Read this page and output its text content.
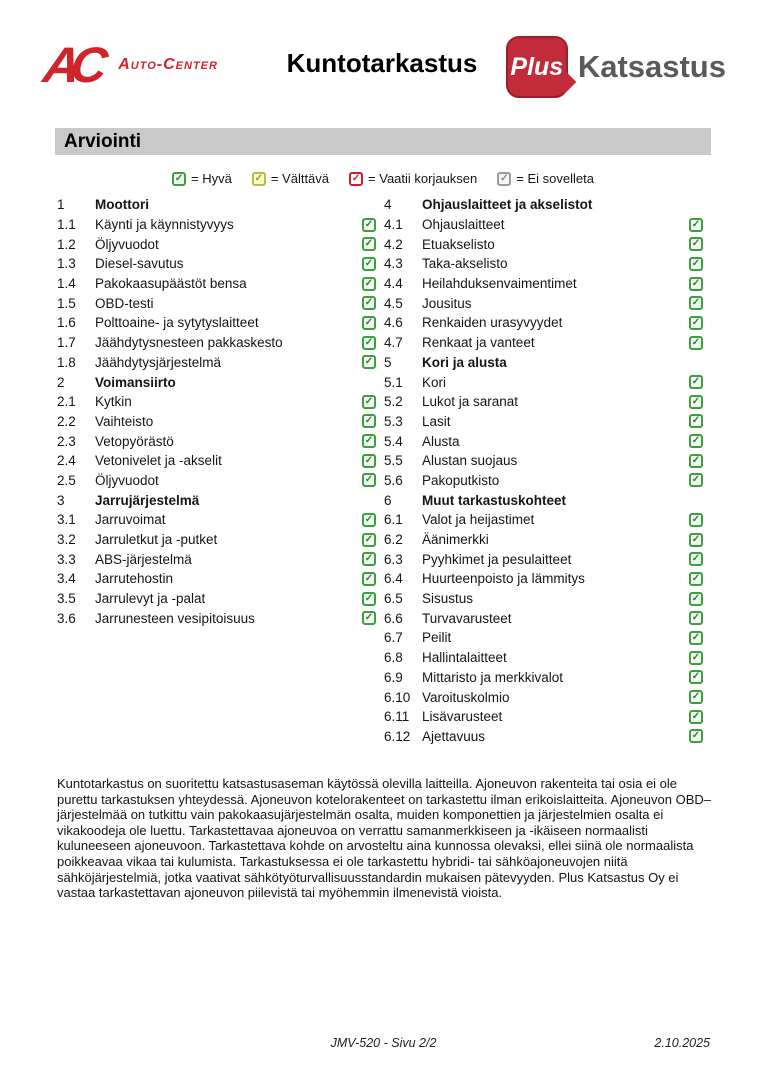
AC	Auto-Center	Kuntotarkastus	Plus Katsastus
Arviointi
✓ = Hyvä ✓ = Välttävä ✓ = Vaatii korjauksen ✓ = Ei sovelleta
1	Moottori
1.1	Käynti ja käynnistyvyys	✓
1.2	Öljyvuodot	✓
1.3	Diesel-savutus	✓
1.4	Pakokaasupäästöt bensa	✓
1.5	OBD-testi	✓
1.6	Polttoaine- ja sytytyslaitteet	✓
1.7	Jäähdytysnesteen pakkaskesto	✓
1.8	Jäähdytysjärjestelmä	✓
2	Voimansiirto
2.1	Kytkin	✓
2.2	Vaihteisto	✓
2.3	Vetopyörästö	✓
2.4	Vetonivelet ja -akselit	✓
2.5	Öljyvuodot	✓
3	Jarrujärjestelmä
3.1	Jarruvoimat	✓
3.2	Jarruletkut ja -putket	✓
3.3	ABS-järjestelmä	✓
3.4	Jarrutehostin	✓
3.5	Jarrulevyt ja -palat	✓
3.6	Jarrunesteen vesipitoisuus	✓
4	Ohjauslaitteet ja akselistot
4.1	Ohjauslaitteet	✓
4.2	Etuakselisto	✓
4.3	Taka-akselisto	✓
4.4	Heilahduksenvaimentimet	✓
4.5	Jousitus	✓
4.6	Renkaiden urasyvyydet	✓
4.7	Renkaat ja vanteet	✓
5	Kori ja alusta
5.1	Kori	✓
5.2	Lukot ja saranat	✓
5.3	Lasit	✓
5.4	Alusta	✓
5.5	Alustan suojaus	✓
5.6	Pakoputkisto	✓
6	Muut tarkastuskohteet
6.1	Valot ja heijastimet	✓
6.2	Äänimerkki	✓
6.3	Pyyhkimet ja pesulaitteet	✓
6.4	Huurteenpoisto ja lämmitys	✓
6.5	Sisustus	✓
6.6	Turvavarusteet	✓
6.7	Peilit	✓
6.8	Hallintalaitteet	✓
6.9	Mittaristo ja merkkivalot	✓
6.10 Varoituskolmio	✓
6.11 Lisävarusteet	✓
6.12 Ajettavuus	✓
Kuntotarkastus on suoritettu katsastusaseman käytössä olevilla laitteilla. Ajoneuvon rakenteita tai osia ei ole purettu tarkastuksen yhteydessä. Ajoneuvon kotelorakenteet on tarkastettu ilman erikoislaitteita. Ajoneuvon OBD–järjestelmää on tutkittu vain pakokaasujärjestelmän osalta, muiden komponettien ja järjestelmien osalta ei vikakoodeja ole luettu. Tarkastettavaa ajoneuvoa on verrattu samanmerkkiseen ja -ikäiseen normaalisti kuluneeseen ajoneuvoon. Tarkastettava kohde on arvosteltu aina kunnossa olevaksi, ellei siinä ole normaalista poikkeavaa vikaa tai kulumista. Tarkastuksessa ei ole tarkastettu hybridi- tai sähköajoneuvojen niitä sähköjärjestelmiä, jotka vaativat sähkötyöturvallisuusstandardin mukaisen pätevyyden. Plus Katsastus Oy ei vastaa tarkastettavan ajoneuvon piilevistä tai myöhemmin ilmenevistä vioista.
JMV-520 - Sivu 2/2	2.10.2025
